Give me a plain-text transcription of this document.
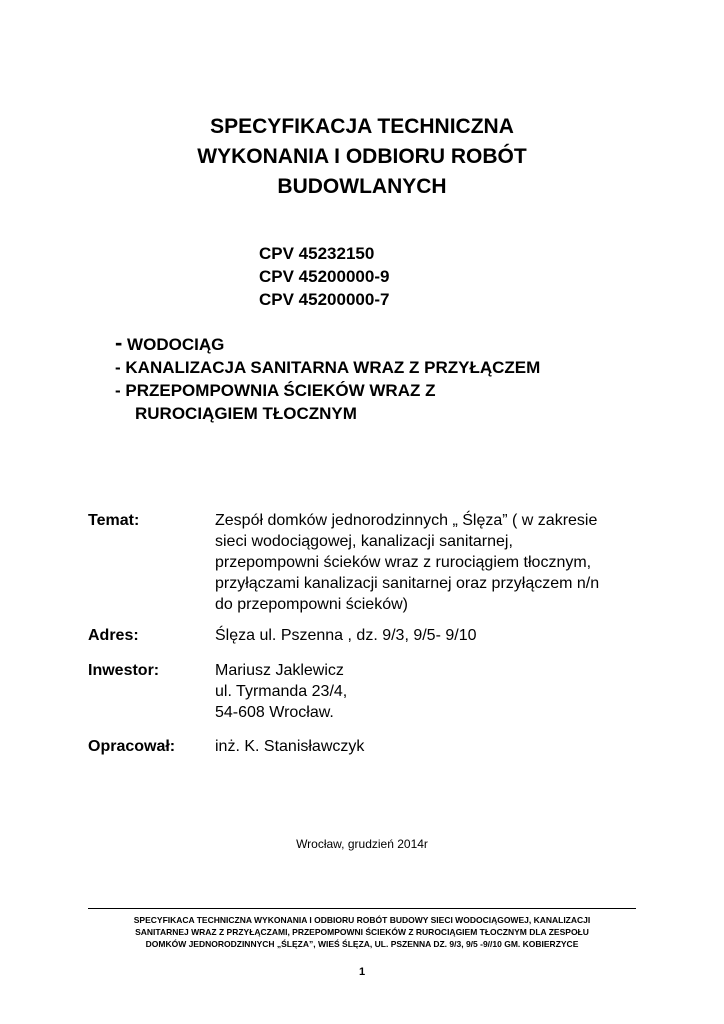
SPECYFIKACJA TECHNICZNA
WYKONANIA I ODBIORU ROBÓT
BUDOWLANYCH
CPV 45232150
CPV 45200000-9
CPV 45200000-7
- WODOCIĄG
- KANALIZACJA SANITARNA WRAZ Z PRZYŁĄCZEM
- PRZEPOMPOWNIA ŚCIEKÓW WRAZ Z
RUROCIĄGIEM TŁOCZNYM
Temat:	Zespół domków jednorodzinnych „ Ślęza” ( w zakresie
sieci wodociągowej, kanalizacji sanitarnej,
przepompowni ścieków wraz z rurociągiem tłocznym,
przyłączami kanalizacji sanitarnej oraz przyłączem n/n
do przepompowni ścieków)
Adres:	Ślęza ul. Pszenna , dz. 9/3, 9/5- 9/10
Inwestor:	Mariusz Jaklewicz
ul. Tyrmanda 23/4,
54-608 Wrocław.
Opracował: inż. K. Stanisławczyk
Wrocław, grudzień 2014r
SPECYFIKACA TECHNICZNA WYKONANIA I ODBIORU ROBÓT BUDOWY SIECI WODOCIĄGOWEJ, KANALIZACJI
SANITARNEJ WRAZ Z PRZYŁĄCZAMI, PRZEPOMPOWNI ŚCIEKÓW Z RUROCIĄGIEM TŁOCZNYM DLA ZESPOŁU
DOMKÓW JEDNORODZINNYCH „ŚLĘZA”, WIEŚ ŚLĘZA, UL. PSZENNA DZ. 9/3, 9/5 -9//10 GM. KOBIERZYCE
1
